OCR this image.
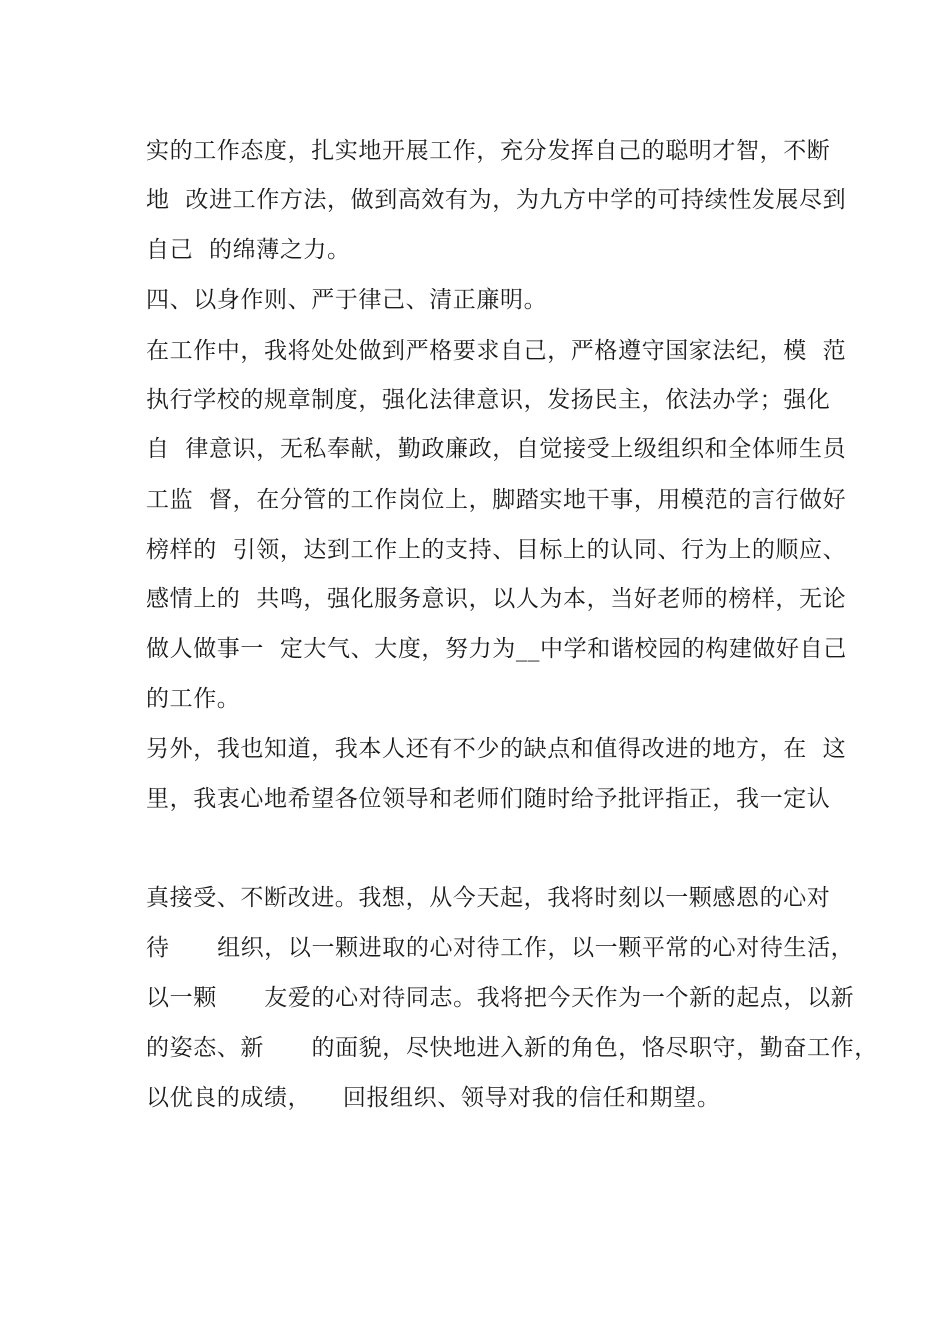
实的工作态度，扎实地开展工作，充分发挥自己的聪明才智，不断

地  改进工作方法，做到高效有为，为九方中学的可持续性发展尽到

自己  的绵薄之力。

四、以身作则、严于律己、清正廉明。

在工作中，我将处处做到严格要求自己，严格遵守国家法纪，模  范

执行学校的规章制度，强化法律意识，发扬民主，依法办学；强化

自  律意识，无私奉献，勤政廉政，自觉接受上级组织和全体师生员

工监  督，在分管的工作岗位上，脚踏实地干事，用模范的言行做好

榜样的  引领，达到工作上的支持、目标上的认同、行为上的顺应、

感情上的  共鸣，强化服务意识，以人为本，当好老师的榜样，无论

做人做事一  定大气、大度，努力为__中学和谐校园的构建做好自己

的工作。

另外，我也知道，我本人还有不少的缺点和值得改进的地方，在  这

里，我衷心地希望各位领导和老师们随时给予批评指正，我一定认

真接受、不断改进。我想，从今天起，我将时刻以一颗感恩的心对

待      组织，以一颗进取的心对待工作，以一颗平常的心对待生活，

以一颗      友爱的心对待同志。我将把今天作为一个新的起点，以新

的姿态、新      的面貌，尽快地进入新的角色，恪尽职守，勤奋工作，

以优良的成绩，    回报组织、领导对我的信任和期望。
